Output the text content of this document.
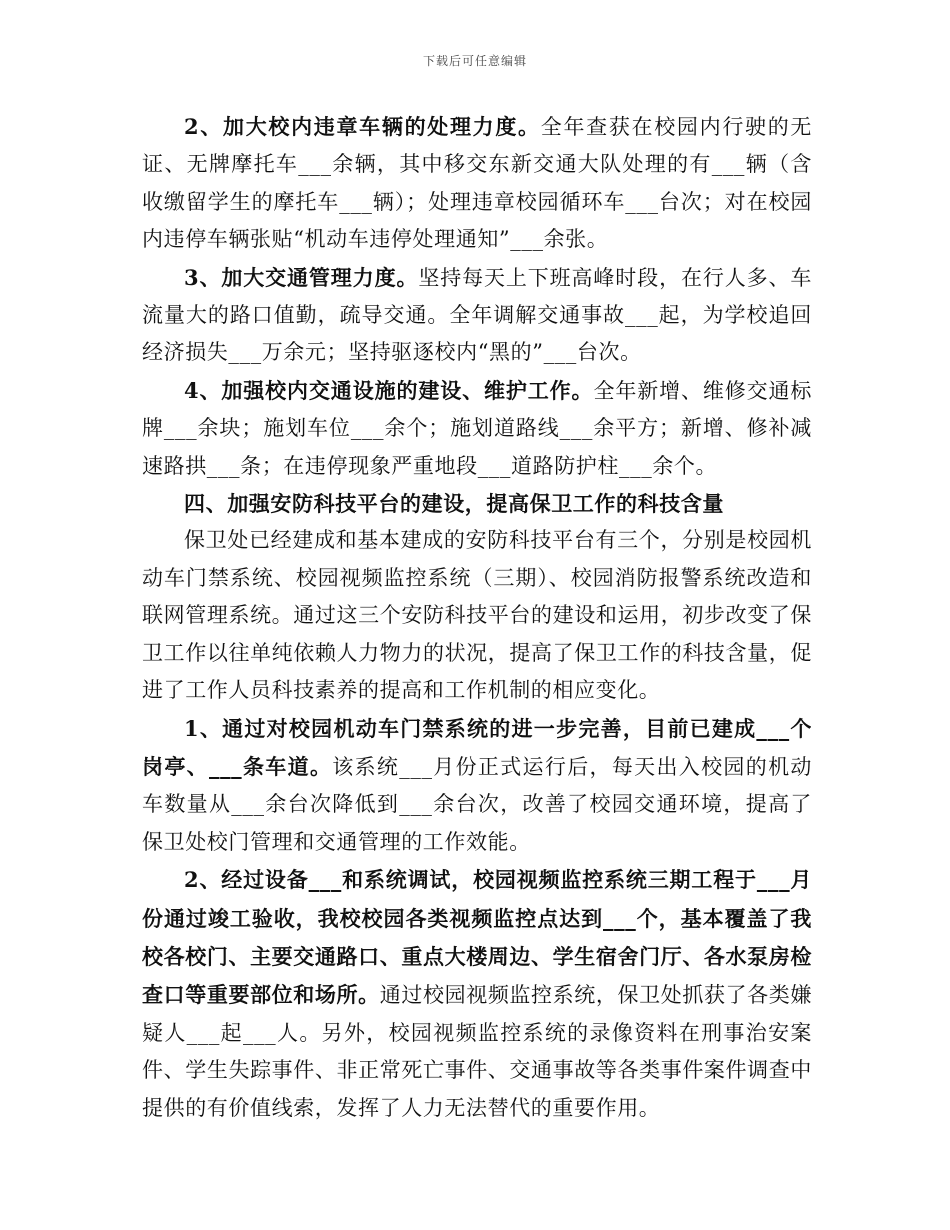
下载后可任意编辑

2、加大校内违章车辆的处理力度。全年查获在校园内行驶的无证、无牌摩托车___余辆，其中移交东新交通大队处理的有___辆（含收缴留学生的摩托车___辆）；处理违章校园循环车___台次；对在校园内违停车辆张贴“机动车违停处理通知”___余张。

3、加大交通管理力度。坚持每天上下班高峰时段，在行人多、车流量大的路口值勤，疏导交通。全年调解交通事故___起，为学校追回经济损失___万余元；坚持驱逐校内“黑的”___台次。

4、加强校内交通设施的建设、维护工作。全年新增、维修交通标牌___余块；施划车位___余个；施划道路线___余平方；新增、修补减速路拱___条；在违停现象严重地段___道路防护柱___余个。

四、加强安防科技平台的建设，提高保卫工作的科技含量

保卫处已经建成和基本建成的安防科技平台有三个，分别是校园机动车门禁系统、校园视频监控系统（三期）、校园消防报警系统改造和联网管理系统。通过这三个安防科技平台的建设和运用，初步改变了保卫工作以往单纯依赖人力物力的状况，提高了保卫工作的科技含量，促进了工作人员科技素养的提高和工作机制的相应变化。

1、通过对校园机动车门禁系统的进一步完善，目前已建成___个岗亭、___条车道。该系统___月份正式运行后，每天出入校园的机动车数量从___余台次降低到___余台次，改善了校园交通环境，提高了保卫处校门管理和交通管理的工作效能。

2、经过设备___和系统调试，校园视频监控系统三期工程于___月份通过竣工验收，我校校园各类视频监控点达到___个，基本覆盖了我校各校门、主要交通路口、重点大楼周边、学生宿舍门厅、各水泵房检查口等重要部位和场所。通过校园视频监控系统，保卫处抓获了各类嫌疑人___起___人。另外，校园视频监控系统的录像资料在刑事治安案件、学生失踪事件、非正常死亡事件、交通事故等各类事件案件调查中提供的有价值线索，发挥了人力无法替代的重要作用。
